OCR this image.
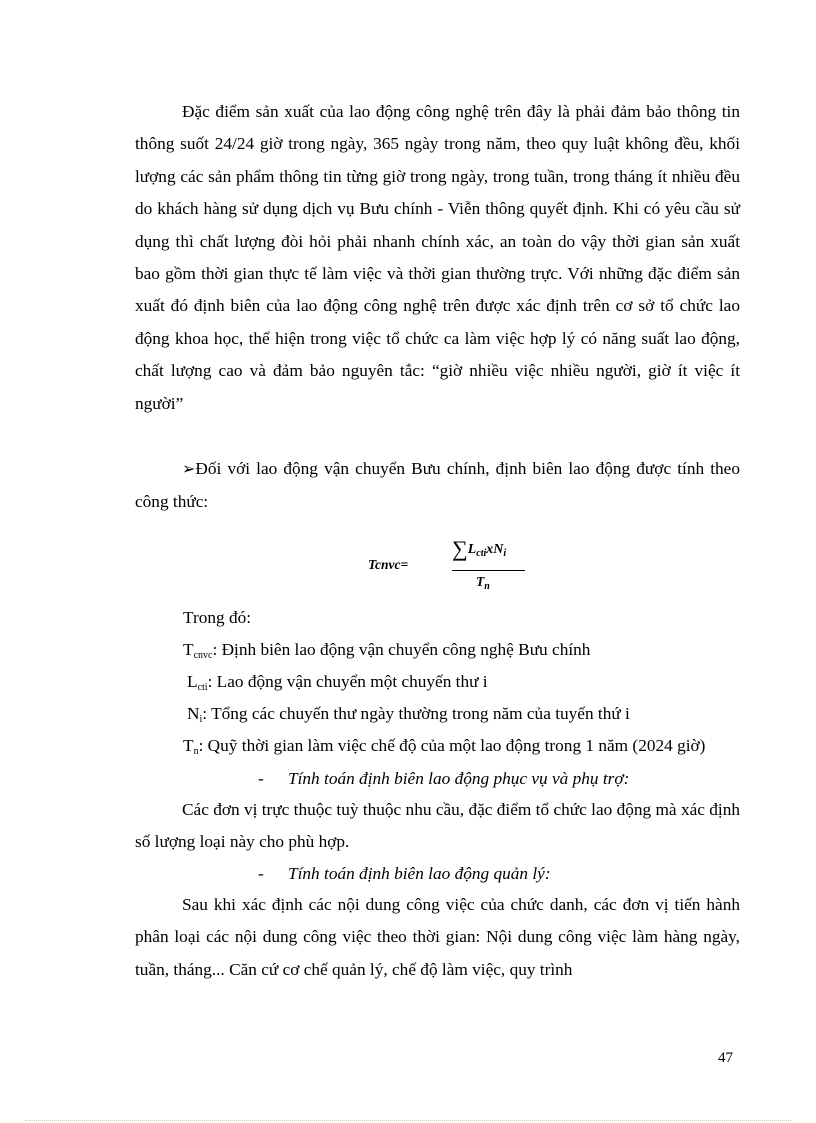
Đặc điểm sản xuất của lao động công nghệ trên đây là phải đảm bảo thông tin thông suốt 24/24 giờ trong ngày, 365 ngày trong năm, theo quy luật không đều, khối lượng các sản phẩm thông tin từng giờ trong ngày, trong tuần, trong tháng ít nhiều đều do khách hàng sử dụng dịch vụ Bưu chính - Viễn thông quyết định. Khi có yêu cầu sử dụng thì chất lượng đòi hỏi phải nhanh chính xác, an toàn do vậy thời gian sản xuất bao gồm thời gian thực tế làm việc và thời gian thường trực. Với những đặc điểm sản xuất đó định biên của lao động công nghệ trên được xác định trên cơ sở tổ chức lao động khoa học, thể hiện trong việc tổ chức ca làm việc hợp lý có năng suất lao động, chất lượng cao và đảm bảo nguyên tắc: “giờ nhiều việc nhiều người, giờ ít việc ít người”
➢Đối với lao động vận chuyển Bưu chính, định biên lao động được tính theo công thức:
Tcnvc=
$\sum L_{cti}xN_i$
$T_n$
Trong đó:
$T_{cnvc}$: Định biên lao động vận chuyển công nghệ Bưu chính
$L_{cti}$: Lao động vận chuyển một chuyến thư i
$N_i$: Tổng các chuyến thư ngày thường trong năm của tuyến thứ i
$T_n$: Quỹ thời gian làm việc chế độ của một lao động trong 1 năm (2024 giờ)
- Tính toán định biên lao động phục vụ và phụ trợ:
Các đơn vị trực thuộc tuỳ thuộc nhu cầu, đặc điểm tổ chức lao động mà xác định số lượng loại này cho phù hợp.
- Tính toán định biên lao động quản lý:
Sau khi xác định các nội dung công việc của chức danh, các đơn vị tiến hành phân loại các nội dung công việc theo thời gian: Nội dung công việc làm hàng ngày, tuần, tháng... Căn cứ cơ chế quản lý, chế độ làm việc, quy trình
47
